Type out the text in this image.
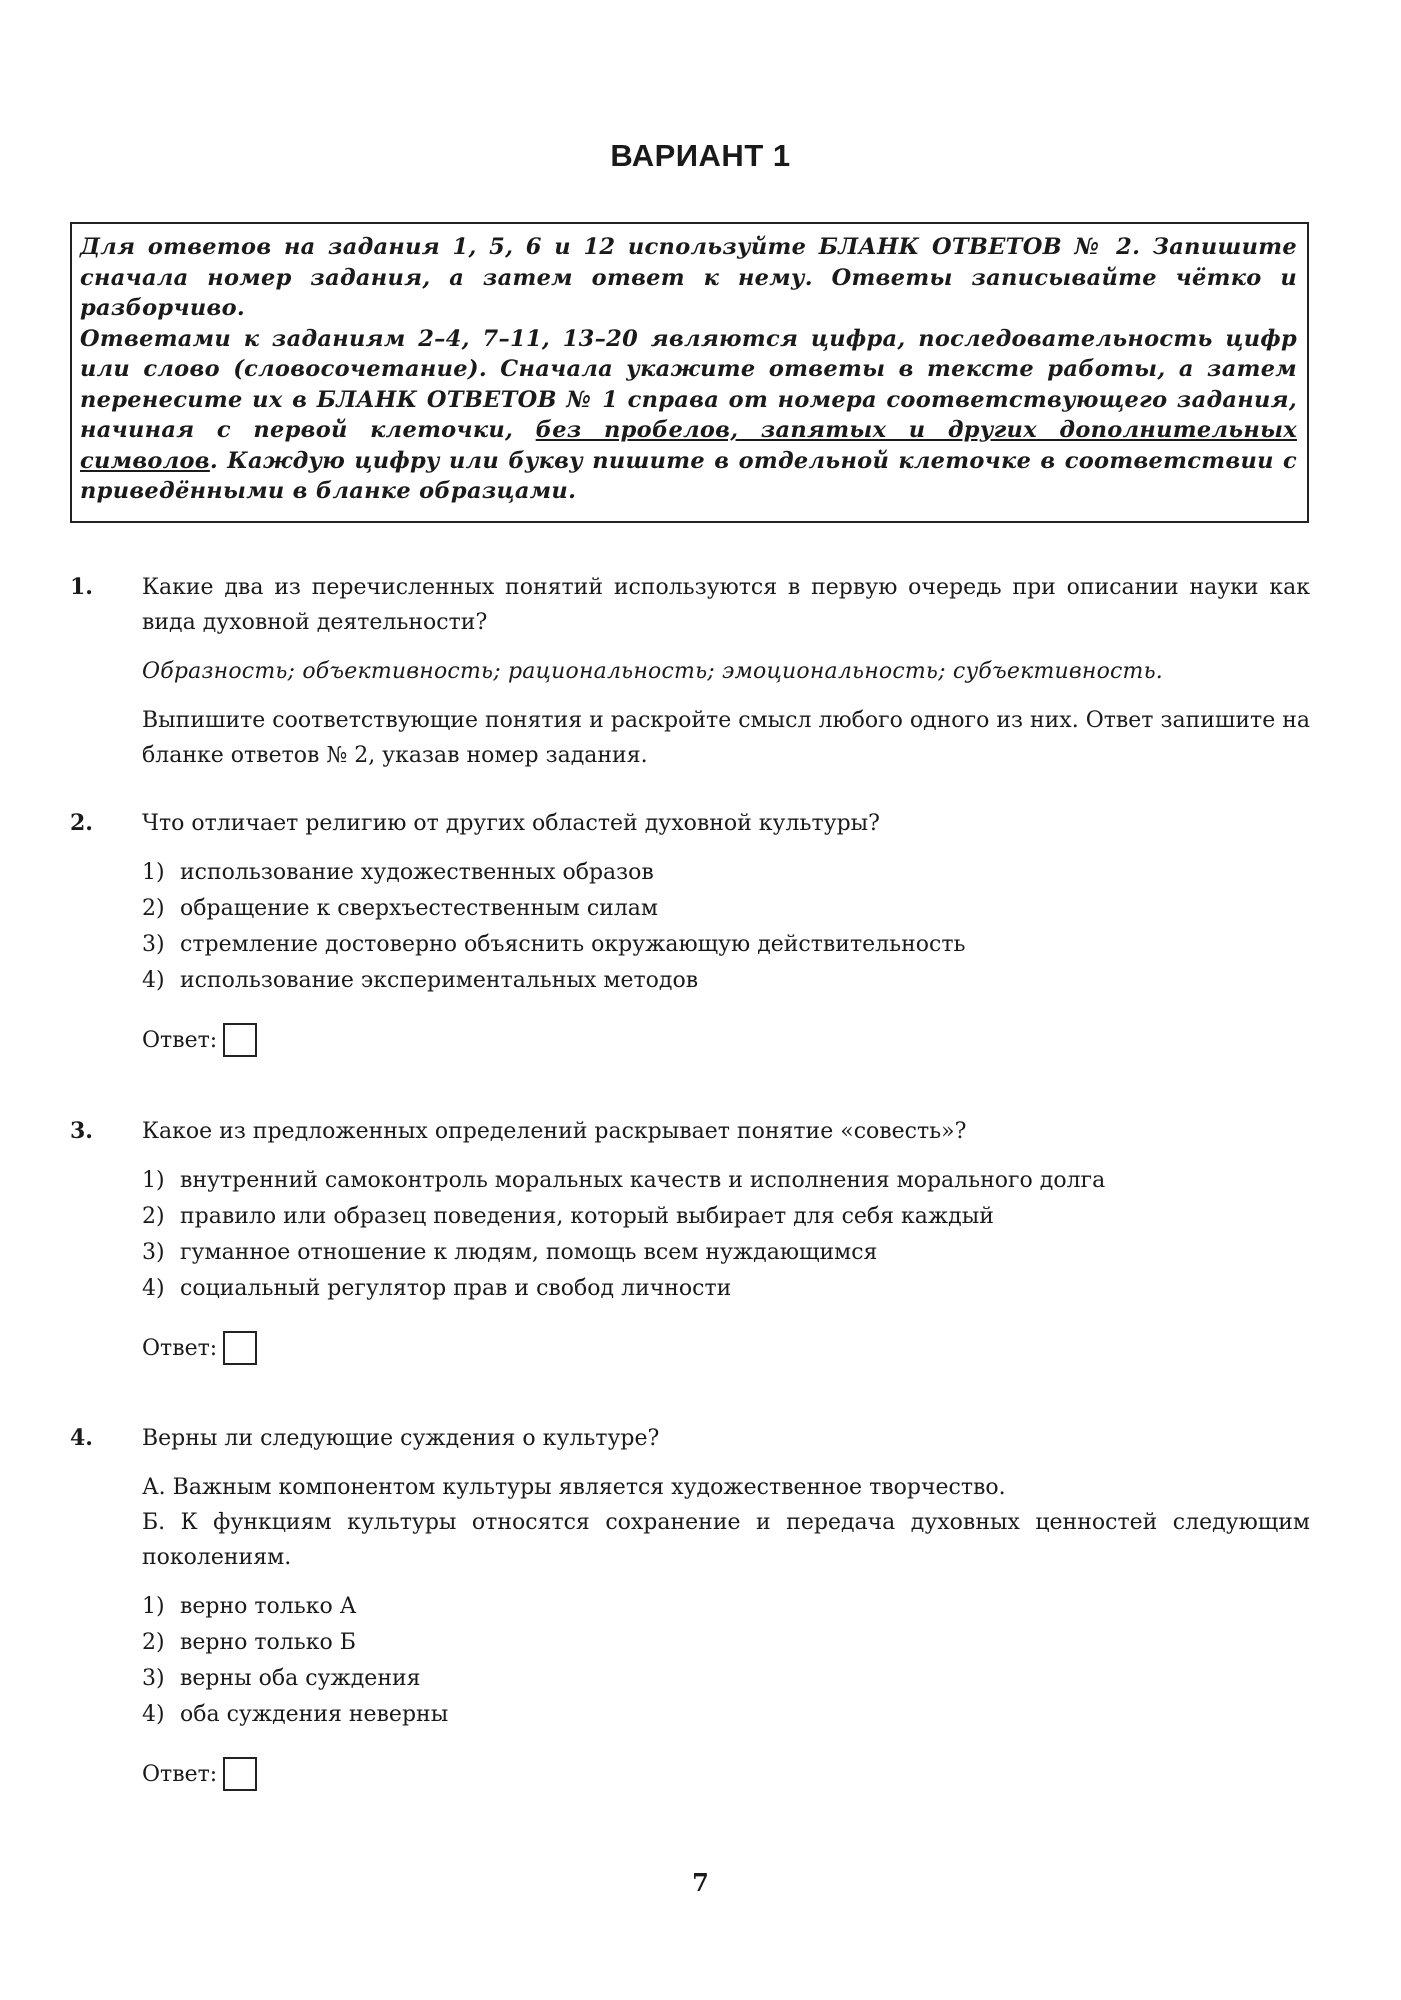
ВАРИАНТ 1

Для ответов на задания 1, 5, 6 и 12 используйте БЛАНК ОТВЕТОВ № 2. Запишите сначала номер задания, а затем ответ к нему. Ответы записывайте чётко и разборчиво.

Ответами к заданиям 2–4, 7–11, 13–20 являются цифра, последовательность цифр или слово (словосочетание). Сначала укажите ответы в тексте работы, а затем перенесите их в БЛАНК ОТВЕТОВ № 1 справа от номера соответствующего задания, начиная с первой клеточки, без пробелов, запятых и других дополнительных символов. Каждую цифру или букву пишите в отдельной клеточке в соответствии с приведёнными в бланке образцами.

1. Какие два из перечисленных понятий используются в первую очередь при описании науки как вида духовной деятельности?

Образность; объективность; рациональность; эмоциональность; субъективность.

Выпишите соответствующие понятия и раскройте смысл любого одного из них. Ответ запишите на бланке ответов № 2, указав номер задания.

2. Что отличает религию от других областей духовной культуры?

1) использование художественных образов
2) обращение к сверхъестественным силам
3) стремление достоверно объяснить окружающую действительность
4) использование экспериментальных методов
Ответ:
3. Какое из предложенных определений раскрывает понятие «совесть»?

1) внутренний самоконтроль моральных качеств и исполнения морального долга
2) правило или образец поведения, который выбирает для себя каждый
3) гуманное отношение к людям, помощь всем нуждающимся
4) социальный регулятор прав и свобод личности
Ответ:
4. Верны ли следующие суждения о культуре?

А. Важным компонентом культуры является художественное творчество.

Б. К функциям культуры относятся сохранение и передача духовных ценностей следующим поколениям.

1) верно только А
2) верно только Б
3) верны оба суждения
4) оба суждения неверны
Ответ:
7
